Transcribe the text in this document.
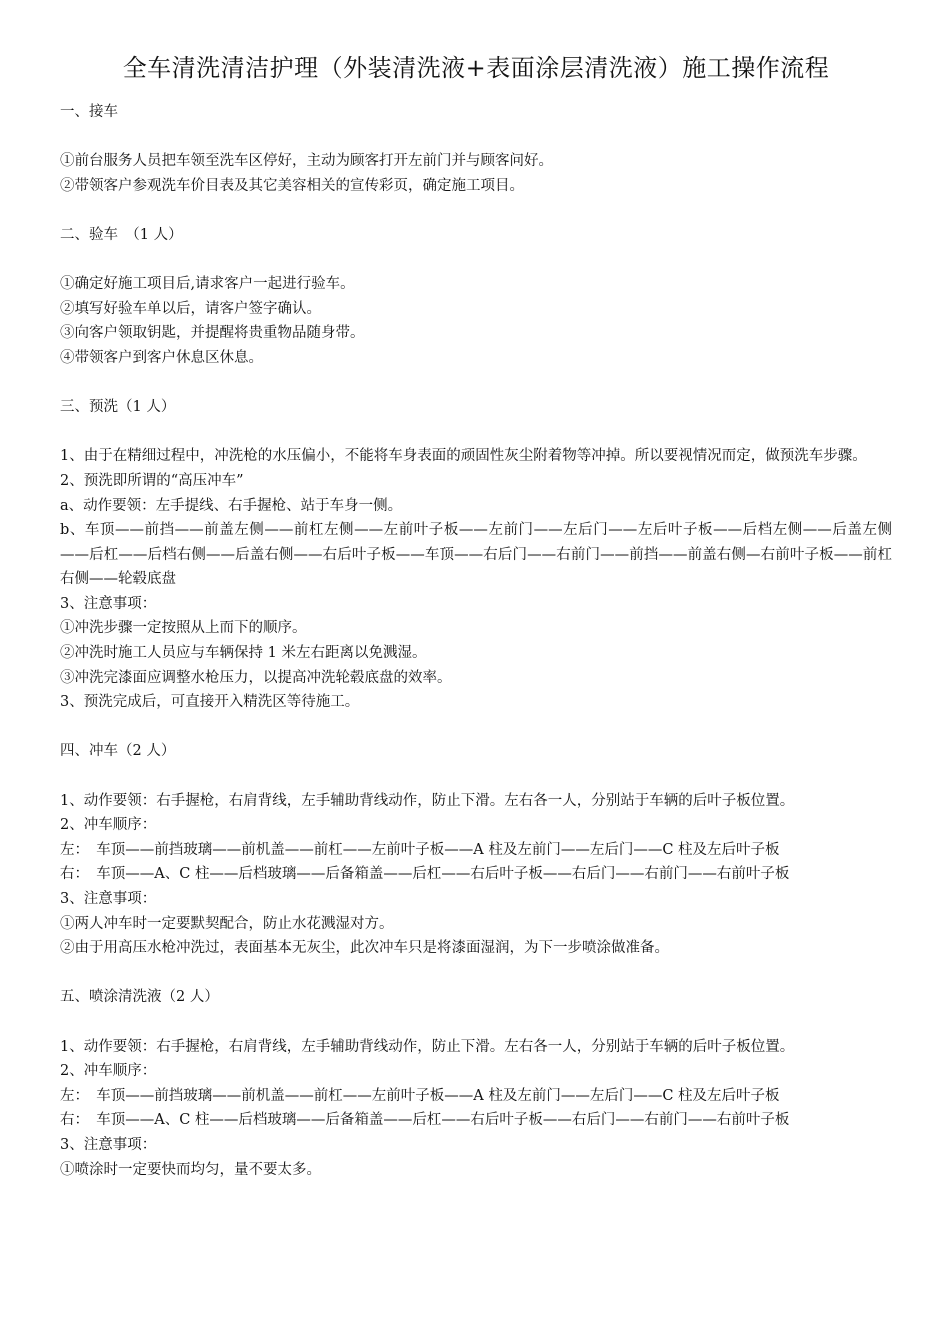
全车清洗清洁护理（外装清洗液+表面涂层清洗液）施工操作流程

一、接车

①前台服务人员把车领至洗车区停好，主动为顾客打开左前门并与顾客问好。

②带领客户参观洗车价目表及其它美容相关的宣传彩页，确定施工项目。

二、验车　（1 人）

①确定好施工项目后,请求客户一起进行验车。

②填写好验车单以后，请客户签字确认。

③向客户领取钥匙，并提醒将贵重物品随身带。

④带领客户到客户休息区休息。

三、预洗（1 人）

1、由于在精细过程中，冲洗枪的水压偏小，不能将车身表面的顽固性灰尘附着物等冲掉。所以要视情况而定，做预洗车步骤。

2、预洗即所谓的“高压冲车”

a、动作要领：左手提线、右手握枪、站于车身一侧。

b、车顶——前挡——前盖左侧——前杠左侧——左前叶子板——左前门——左后门——左后叶子板——后档左侧——后盖左侧——后杠——后档右侧——后盖右侧——右后叶子板——车顶——右后门——右前门——前挡——前盖右侧—右前叶子板——前杠右侧——轮毂底盘

3、注意事项：

①冲洗步骤一定按照从上而下的顺序。

②冲洗时施工人员应与车辆保持 1 米左右距离以免溅湿。

③冲洗完漆面应调整水枪压力，以提高冲洗轮毂底盘的效率。

3、预洗完成后，可直接开入精洗区等待施工。

四、冲车（2 人）

1、动作要领：右手握枪，右肩背线，左手辅助背线动作，防止下滑。左右各一人，分别站于车辆的后叶子板位置。

2、冲车顺序：

左：　车顶——前挡玻璃——前机盖——前杠——左前叶子板——A 柱及左前门——左后门——C 柱及左后叶子板

右：　车顶——A、C 柱——后档玻璃——后备箱盖——后杠——右后叶子板——右后门——右前门——右前叶子板

3、注意事项：

①两人冲车时一定要默契配合，防止水花溅湿对方。

②由于用高压水枪冲洗过，表面基本无灰尘，此次冲车只是将漆面湿润，为下一步喷涂做准备。

五、喷涂清洗液（2 人）

1、动作要领：右手握枪，右肩背线，左手辅助背线动作，防止下滑。左右各一人，分别站于车辆的后叶子板位置。

2、冲车顺序：

左：　车顶——前挡玻璃——前机盖——前杠——左前叶子板——A 柱及左前门——左后门——C 柱及左后叶子板

右：　车顶——A、C 柱——后档玻璃——后备箱盖——后杠——右后叶子板——右后门——右前门——右前叶子板

3、注意事项：

①喷涂时一定要快而均匀，量不要太多。
